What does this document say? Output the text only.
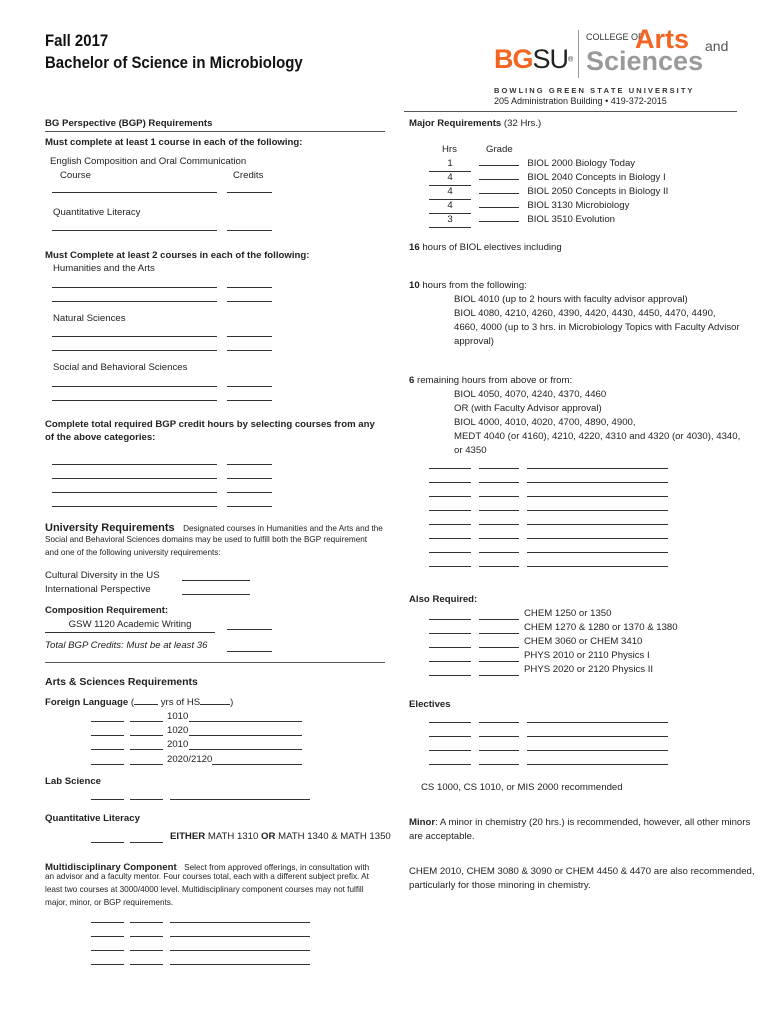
Fall 2017
Bachelor of Science in Microbiology	BGSU®
COLLEGE OF
Arts and
Sciences
B O W L I N G   G R E E N   S T A T E   U N I V E R S I T Y
205 Administration Building • 419-372-2015
BG Perspective (BGP) Requirements
Must complete at least 1 course in each of the following:
English Composition and Oral Communication
Course	Credits
Quantitative Literacy
Must Complete at least 2 courses in each of the following:
Humanities and the Arts
Natural Sciences
Social and Behavioral Sciences
Complete total required BGP credit hours by selecting courses from any
of the above categories:
University Requirements Designated courses in Humanities and the Arts and the
Social and Behavioral Sciences domains may be used to fulfill both the BGP requirement
and one of the following university requirements:
Cultural Diversity in the US
International Perspective
Composition Requirement:
GSW 1120 Academic Writing
Total BGP Credits: Must be at least 36
Arts & Sciences Requirements
Foreign Language (	yrs of HS	)
1010
1020
2010
2020/2120
Lab Science
Quantitative Literacy
EITHER MATH 1310 OR MATH 1340 & MATH 1350
Multidisciplinary Component Select from approved offerings, in consultation with
an advisor and a faculty mentor. Four courses total, each with a different subject prefix. At
least two courses at 3000/4000 level. Multidisciplinary component courses may not fulfill
major, minor, or BGP requirements.
Major Requirements (32 Hrs.)
Hrs	Grade
1	BIOL 2000 Biology Today
4	BIOL 2040 Concepts in Biology I
4	BIOL 2050 Concepts in Biology II
4	BIOL 3130 Microbiology
3	BIOL 3510 Evolution
16 hours of BIOL electives including
10 hours from the following:
BIOL 4010 (up to 2 hours with faculty advisor approval)
BIOL 4080, 4210, 4260, 4390, 4420, 4430, 4450, 4470, 4490,
4660, 4000 (up to 3 hrs. in Microbiology Topics with Faculty Advisor
approval)
6 remaining hours from above or from:
BIOL 4050, 4070, 4240, 4370, 4460
OR (with Faculty Advisor approval)
BIOL 4000, 4010, 4020, 4700, 4890, 4900,
MEDT 4040 (or 4160), 4210, 4220, 4310 and 4320 (or 4030), 4340,
or 4350
Also Required:
CHEM 1250 or 1350
CHEM 1270 & 1280 or 1370 & 1380
CHEM 3060 or CHEM 3410
PHYS 2010 or 2110 Physics I
PHYS 2020 or 2120 Physics II
Electives
CS 1000, CS 1010, or MIS 2000 recommended
Minor: A minor in chemistry (20 hrs.) is recommended, however, all other minors
are acceptable.
CHEM 2010, CHEM 3080 & 3090 or CHEM 4450 & 4470 are also recommended,
particularly for those minoring in chemistry.
